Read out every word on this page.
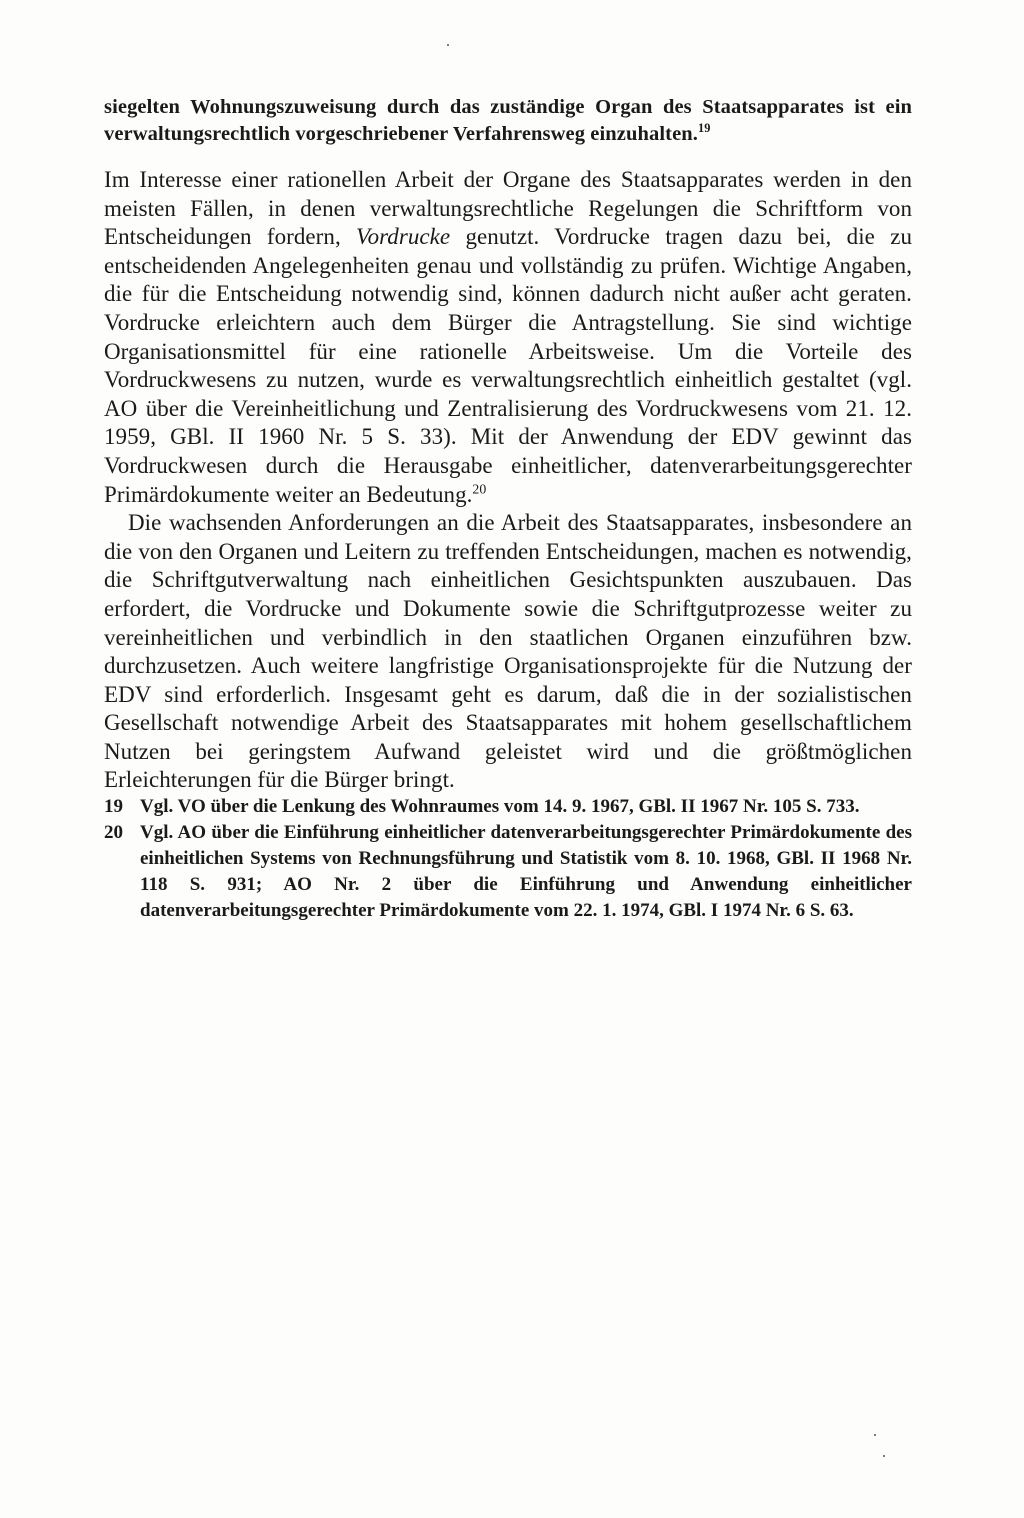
siegelten Wohnungszuweisung durch das zuständige Organ des Staatsapparates ist ein verwaltungsrechtlich vorgeschriebener Verfahrensweg einzuhalten.$^{19}$

Im Interesse einer rationellen Arbeit der Organe des Staatsapparates werden in den meisten Fällen, in denen verwaltungsrechtliche Regelungen die Schriftform von Entscheidungen fordern, Vordrucke genutzt. Vordrucke tragen dazu bei, die zu entscheidenden Angelegenheiten genau und vollständig zu prüfen. Wichtige Angaben, die für die Entscheidung notwendig sind, können dadurch nicht außer acht geraten. Vordrucke erleichtern auch dem Bürger die Antragstellung. Sie sind wichtige Organisationsmittel für eine rationelle Arbeitsweise. Um die Vorteile des Vordruckwesens zu nutzen, wurde es verwaltungsrechtlich einheitlich gestaltet (vgl. AO über die Vereinheitlichung und Zentralisierung des Vordruckwesens vom 21. 12. 1959, GBl. II 1960 Nr. 5 S. 33). Mit der Anwendung der EDV gewinnt das Vordruckwesen durch die Herausgabe einheitlicher, datenverarbeitungsgerechter Primärdokumente weiter an Bedeutung.$^{20}$

Die wachsenden Anforderungen an die Arbeit des Staatsapparates, insbesondere an die von den Organen und Leitern zu treffenden Entscheidungen, machen es notwendig, die Schriftgutverwaltung nach einheitlichen Gesichtspunkten auszubauen. Das erfordert, die Vordrucke und Dokumente sowie die Schriftgutprozesse weiter zu vereinheitlichen und verbindlich in den staatlichen Organen einzuführen bzw. durchzusetzen. Auch weitere langfristige Organisationsprojekte für die Nutzung der EDV sind erforderlich. Insgesamt geht es darum, daß die in der sozialistischen Gesellschaft notwendige Arbeit des Staatsapparates mit hohem gesellschaftlichem Nutzen bei geringstem Aufwand geleistet wird und die größtmöglichen Erleichterungen für die Bürger bringt.

19 Vgl. VO über die Lenkung des Wohnraumes vom 14. 9. 1967, GBl. II 1967 Nr. 105 S. 733.
20 Vgl. AO über die Einführung einheitlicher datenverarbeitungsgerechter Primärdokumente des einheitlichen Systems von Rechnungsführung und Statistik vom 8. 10. 1968, GBl. II 1968 Nr. 118 S. 931; AO Nr. 2 über die Einführung und Anwendung einheitlicher datenverarbeitungsgerechter Primärdokumente vom 22. 1. 1974, GBl. I 1974 Nr. 6 S. 63.
